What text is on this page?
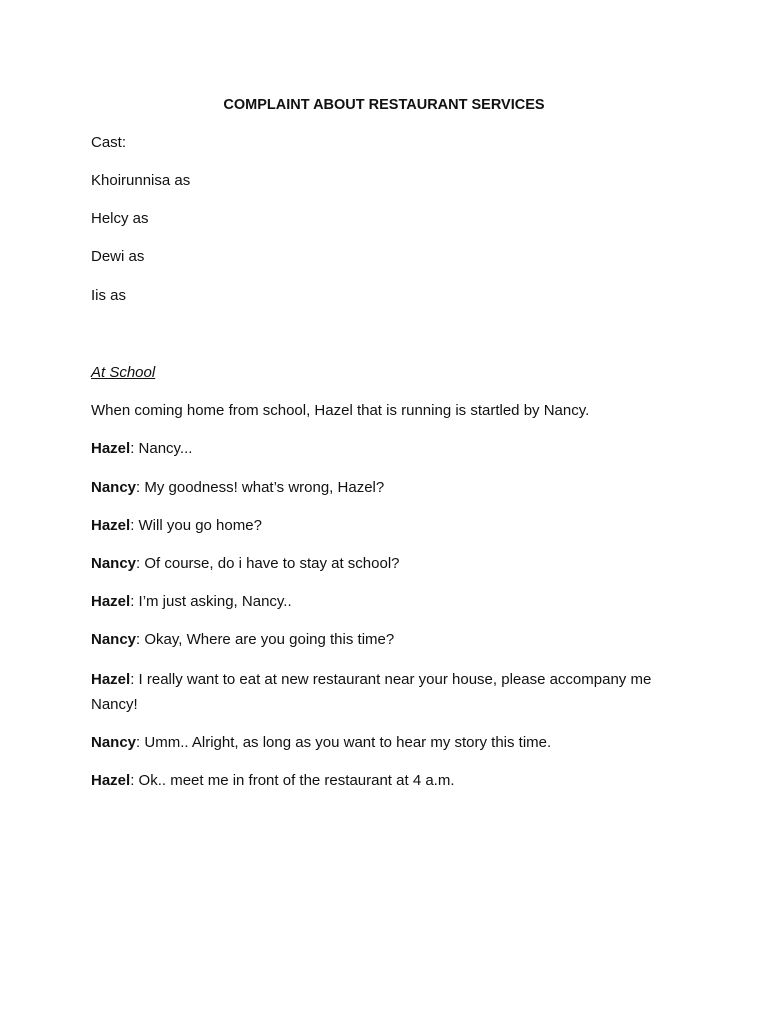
COMPLAINT ABOUT RESTAURANT SERVICES
Cast:
Khoirunnisa as
Helcy as
Dewi as
Iis as
At School
When coming home from school, Hazel that is running is startled by Nancy.
Hazel: Nancy...
Nancy: My goodness! what’s wrong, Hazel?
Hazel: Will you go home?
Nancy: Of course, do i have to stay at school?
Hazel: I’m just asking, Nancy..
Nancy: Okay, Where are you going this time?
Hazel: I really want to eat at new restaurant near your house, please accompany me Nancy!
Nancy: Umm.. Alright, as long as you want to hear my story this time.
Hazel: Ok.. meet me in front of the restaurant at 4 a.m.
